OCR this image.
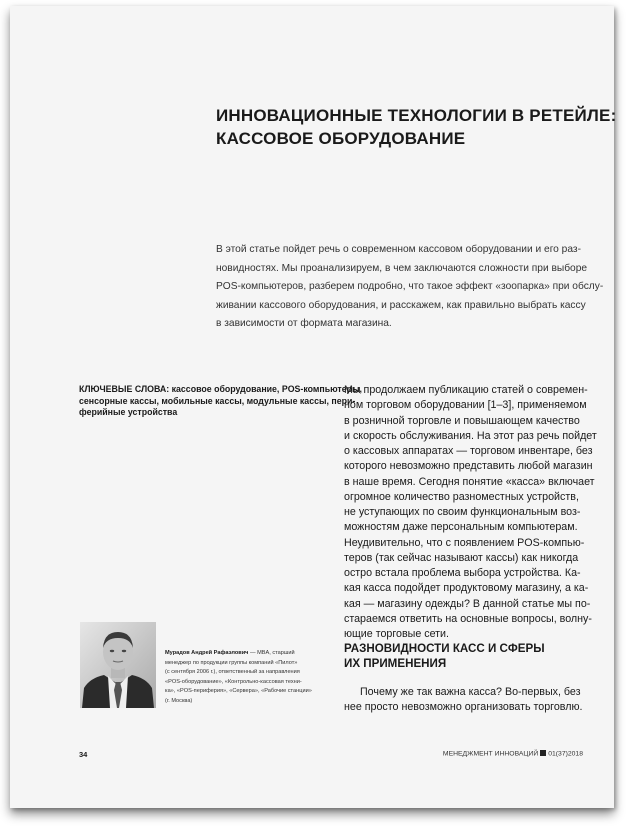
ИННОВАЦИОННЫЕ ТЕХНОЛОГИИ В РЕТЕЙЛЕ:
КАССОВОЕ ОБОРУДОВАНИЕ
В этой статье пойдет речь о современном кассовом оборудовании и его раз-
новидностях. Мы проанализируем, в чем заключаются сложности при выборе
POS-компьютеров, разберем подробно, что такое эффект «зоопарка» при обслу-
живании кассового оборудования, и расскажем, как правильно выбрать кассу
в зависимости от формата магазина.
КЛЮЧЕВЫЕ СЛОВА: кассовое оборудование, POS-компьютеры,
сенсорные кассы, мобильные кассы, модульные кассы, пери-
ферийные устройства
Мы продолжаем публикацию статей о современ-
ном торговом оборудовании [1–3], применяемом
в розничной торговле и повышающем качество
и скорость обслуживания. На этот раз речь пойдет
о кассовых аппаратах — торговом инвентаре, без
которого невозможно представить любой магазин
в наше время. Сегодня понятие «касса» включает
огромное количество разноместных устройств,
не уступающих по своим функциональным воз-
можностям даже персональным компьютерам.
Неудивительно, что с появлением POS-компью-
теров (так сейчас называют кассы) как никогда
остро встала проблема выбора устройства. Ка-
кая касса подойдет продуктовому магазину, а ка-
кая — магазину одежды? В данной статье мы по-
стараемся ответить на основные вопросы, волну-
ющие торговые сети.
Мурадов Андрей Рафаэлович — MBA, старший
менеджер по продукции группы компаний «Пилот»
(с сентября 2006 г.), ответственный за направления
«POS-оборудование», «Контрольно-кассовая техни-
ка», «POS-периферия», «Сервера», «Рабочие станции»
(г. Москва)
РАЗНОВИДНОСТИ КАСС И СФЕРЫ
ИХ ПРИМЕНЕНИЯ
Почему же так важна касса? Во-первых, без
нее просто невозможно организовать торговлю.
34	МЕНЕДЖМЕНТ ИННОВАЦИЙ 01(37)2018
